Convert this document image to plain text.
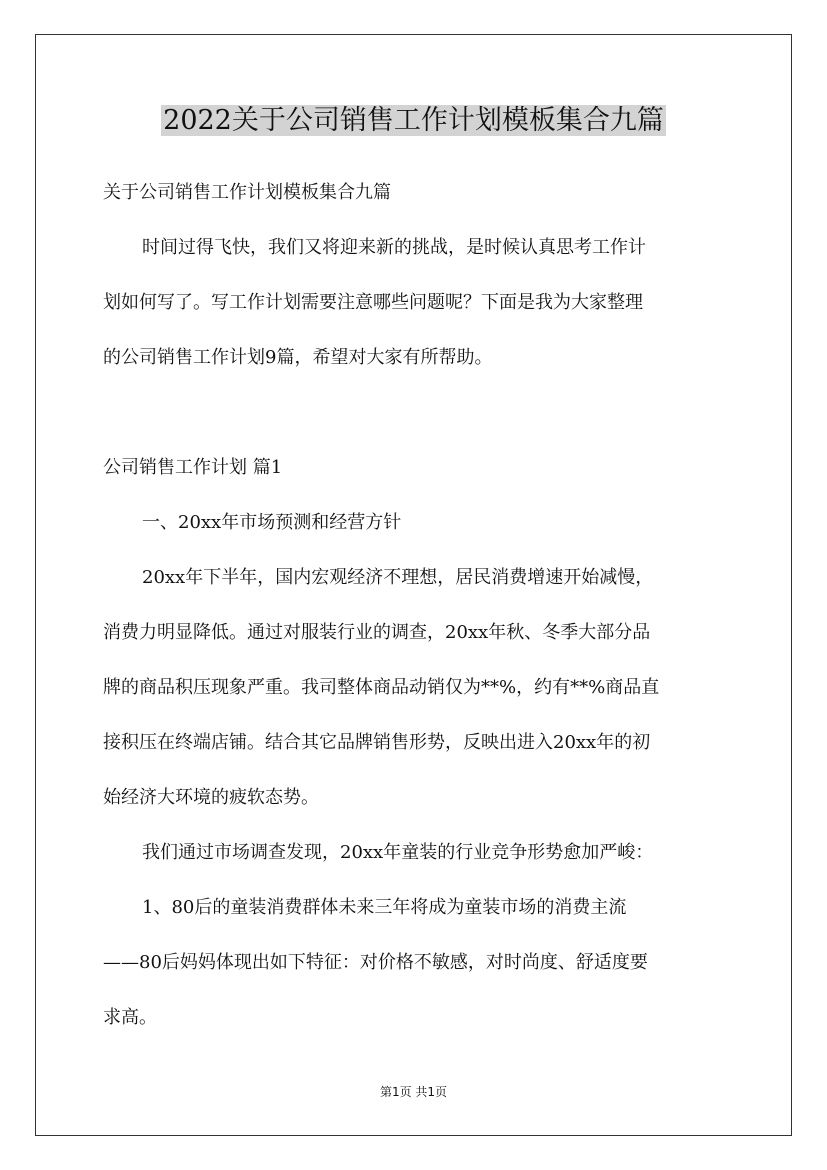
2022关于公司销售工作计划模板集合九篇
关于公司销售工作计划模板集合九篇
时间过得飞快，我们又将迎来新的挑战，是时候认真思考工作计
划如何写了。写工作计划需要注意哪些问题呢？下面是我为大家整理
的公司销售工作计划9篇，希望对大家有所帮助。
公司销售工作计划 篇1
一、20xx年市场预测和经营方针
20xx年下半年，国内宏观经济不理想，居民消费增速开始减慢，
消费力明显降低。通过对服装行业的调查，20xx年秋、冬季大部分品
牌的商品积压现象严重。我司整体商品动销仅为**%，约有**%商品直
接积压在终端店铺。结合其它品牌销售形势，反映出进入20xx年的初
始经济大环境的疲软态势。
我们通过市场调查发现，20xx年童装的行业竞争形势愈加严峻：
1、80后的童装消费群体未来三年将成为童装市场的消费主流
——80后妈妈体现出如下特征：对价格不敏感，对时尚度、舒适度要
求高。
第1页 共1页
